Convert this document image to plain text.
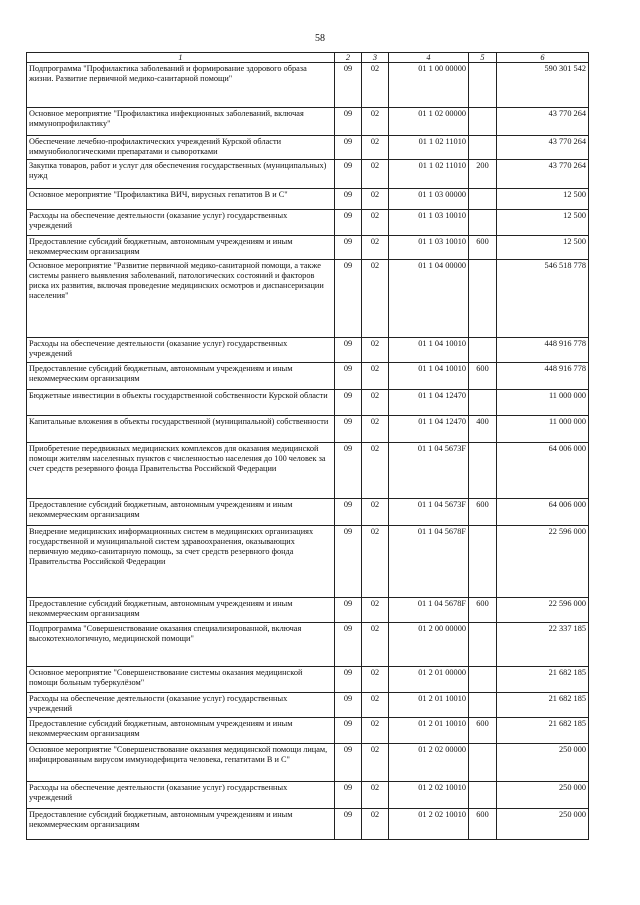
58
1	2	3	4	5	6
Подпрограмма "Профилактика заболеваний и формирование здорового образа жизни. Развитие первичной медико-санитарной помощи"	09	02	01 1 00 00000		590 301 542
Основное мероприятие "Профилактика инфекционных заболеваний, включая иммунопрофилактику"	09	02	01 1 02 00000		43 770 264
Обеспечение лечебно-профилактических учреждений Курской области иммунобиологическими препаратами и сыворотками	09	02	01 1 02 11010		43 770 264
Закупка товаров, работ и услуг для обеспечения государственных (муниципальных) нужд	09	02	01 1 02 11010	200	43 770 264
Основное мероприятие "Профилактика ВИЧ, вирусных гепатитов В и С"	09	02	01 1 03 00000		12 500
Расходы на обеспечение деятельности (оказание услуг) государственных учреждений	09	02	01 1 03 10010		12 500
Предоставление субсидий бюджетным, автономным учреждениям и иным некоммерческим организациям	09	02	01 1 03 10010	600	12 500
Основное мероприятие "Развитие первичной медико-санитарной помощи, а также системы раннего выявления заболеваний, патологических состояний и факторов риска их развития, включая проведение медицинских осмотров и диспансеризации населения"	09	02	01 1 04 00000		546 518 778
Расходы на обеспечение деятельности (оказание услуг) государственных учреждений	09	02	01 1 04 10010		448 916 778
Предоставление субсидий бюджетным, автономным учреждениям и иным некоммерческим организациям	09	02	01 1 04 10010	600	448 916 778
Бюджетные инвестиции в объекты государственной собственности Курской области	09	02	01 1 04 12470		11 000 000
Капитальные вложения в объекты государственной (муниципальной) собственности	09	02	01 1 04 12470	400	11 000 000
Приобретение передвижных медицинских комплексов для оказания медицинской помощи жителям населенных пунктов с численностью населения до 100 человек за счет средств резервного фонда Правительства Российской Федерации	09	02	01 1 04 5673F		64 006 000
Предоставление субсидий бюджетным, автономным учреждениям и иным некоммерческим организациям	09	02	01 1 04 5673F	600	64 006 000
Внедрение медицинских информационных систем в медицинских организациях государственной и муниципальной систем здравоохранения, оказывающих первичную медико-санитарную помощь, за счет средств резервного фонда Правительства Российской Федерации	09	02	01 1 04 5678F		22 596 000
Предоставление субсидий бюджетным, автономным учреждениям и иным некоммерческим организациям	09	02	01 1 04 5678F	600	22 596 000
Подпрограмма "Совершенствование оказания специализированной, включая высокотехнологичную, медицинской помощи"	09	02	01 2 00 00000		22 337 185
Основное мероприятие "Совершенствование системы оказания медицинской помощи больным туберкулёзом"	09	02	01 2 01 00000		21 682 185
Расходы на обеспечение деятельности (оказание услуг) государственных учреждений	09	02	01 2 01 10010		21 682 185
Предоставление субсидий бюджетным, автономным учреждениям и иным некоммерческим организациям	09	02	01 2 01 10010	600	21 682 185
Основное мероприятие "Совершенствование оказания медицинской помощи лицам, инфицированным вирусом иммунодефицита человека, гепатитами В и С"	09	02	01 2 02 00000		250 000
Расходы на обеспечение деятельности (оказание услуг) государственных учреждений	09	02	01 2 02 10010		250 000
Предоставление субсидий бюджетным, автономным учреждениям и иным некоммерческим организациям	09	02	01 2 02 10010	600	250 000
